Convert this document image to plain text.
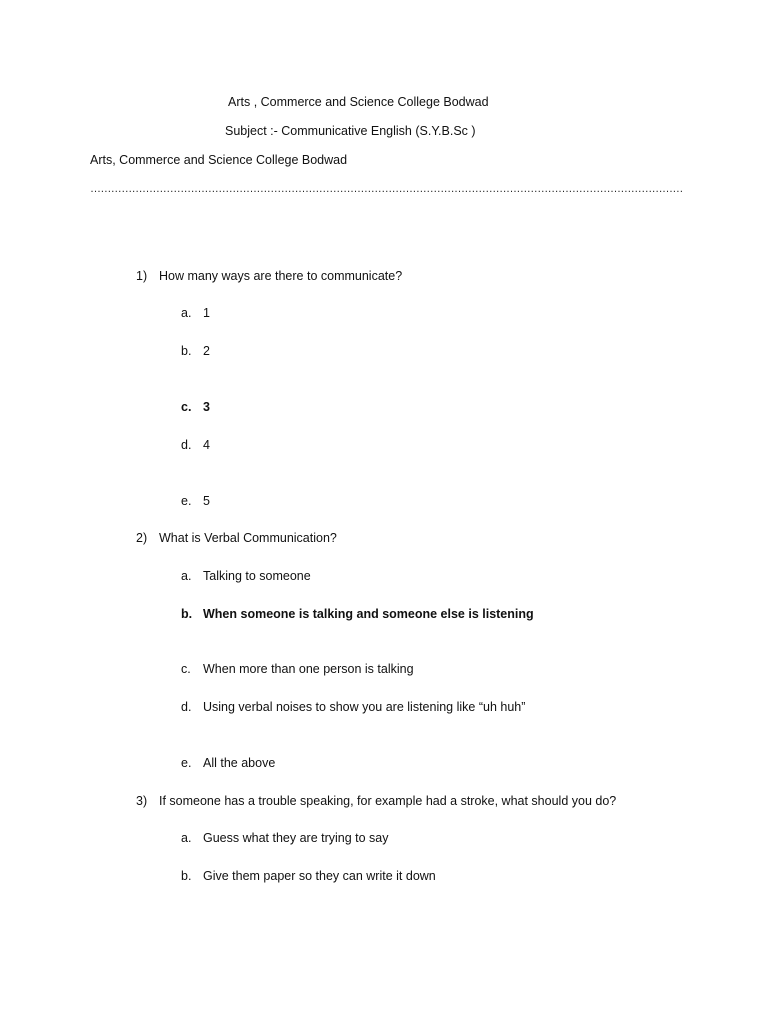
Arts , Commerce and Science College Bodwad
Subject :- Communicative English (S.Y.B.Sc )
Arts, Commerce and Science College Bodwad
………………………………………………………………………………………………………………………………………………………
1) How many ways are there to communicate?
a. 1
b. 2
c. 3
d. 4
e. 5
2) What is Verbal Communication?
a. Talking to someone
b. When someone is talking and someone else is listening
c. When more than one person is talking
d. Using verbal noises to show you are listening like “uh huh”
e. All the above
3) If someone has a trouble speaking, for example had a stroke, what should you do?
a. Guess what they are trying to say
b. Give them paper so they can write it down
